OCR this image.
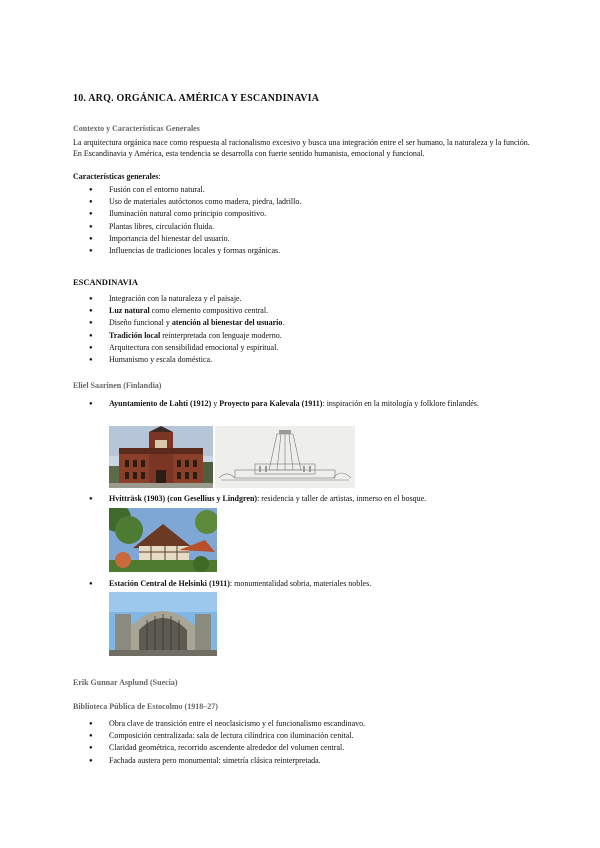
10. ARQ. ORGÁNICA. AMÉRICA Y ESCANDINAVIA
Contexto y Características Generales
La arquitectura orgánica nace como respuesta al racionalismo excesivo y busca una integración entre el ser humano, la naturaleza y la función. En Escandinavia y América, esta tendencia se desarrolla con fuerte sentido humanista, emocional y funcional.
Características generales:
● Fusión con el entorno natural.
● Uso de materiales autóctonos como madera, piedra, ladrillo.
● Iluminación natural como principio compositivo.
● Plantas libres, circulación fluida.
● Importancia del bienestar del usuario.
● Influencias de tradiciones locales y formas orgánicas.
ESCANDINAVIA
● Integración con la naturaleza y el paisaje.
● Luz natural como elemento compositivo central.
● Diseño funcional y atención al bienestar del usuario.
● Tradición local reinterpretada con lenguaje moderno.
● Arquitectura con sensibilidad emocional y espiritual.
● Humanismo y escala doméstica.
Eliel Saarinen (Finlandia)
●	Ayuntamiento de Lahti (1912) y Proyecto para Kalevala (1911): inspiración en la mitología y folklore finlandés.
●	Hvitträsk (1903) (con Gesellius y Lindgren): residencia y taller de artistas, inmerso en el bosque.
●	Estación Central de Helsinki (1911): monumentalidad sobria, materiales nobles.
Erik Gunnar Asplund (Suecia)
Biblioteca Pública de Estocolmo (1918–27)
● Obra clave de transición entre el neoclasicismo y el funcionalismo escandinavo.
● Composición centralizada: sala de lectura cilíndrica con iluminación cenital.
● Claridad geométrica, recorrido ascendente alrededor del volumen central.
● Fachada austera pero monumental: simetría clásica reinterpretada.
